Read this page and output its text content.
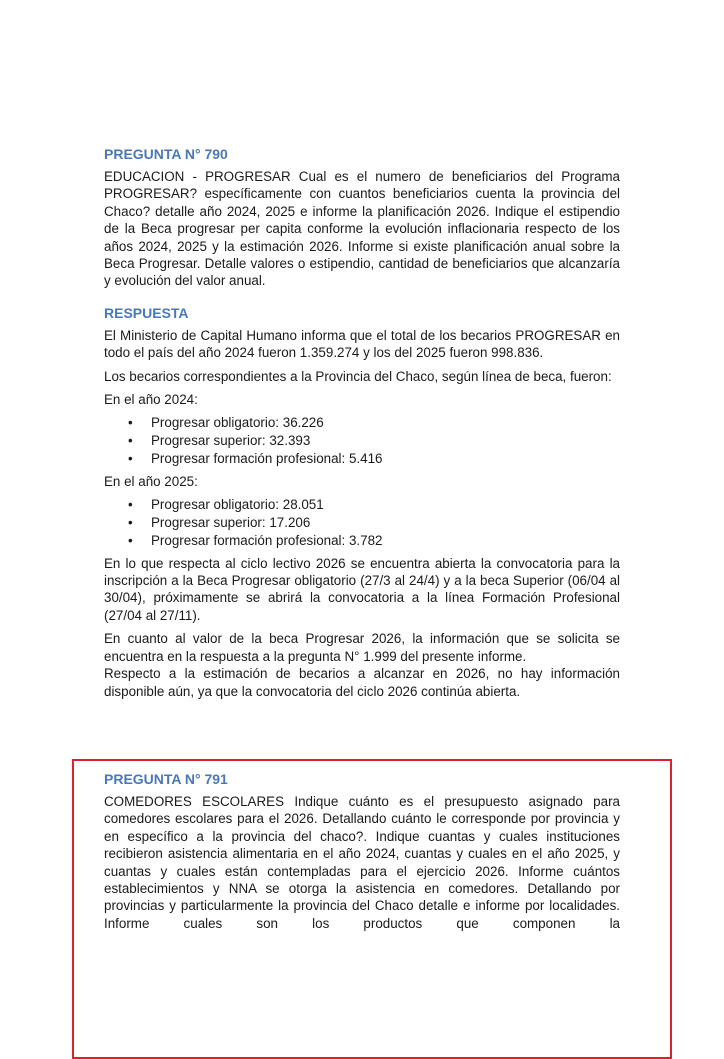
PREGUNTA N° 790

EDUCACION - PROGRESAR Cual es el numero de beneficiarios del Programa PROGRESAR? específicamente con cuantos beneficiarios cuenta la provincia del Chaco? detalle año 2024, 2025 e informe la planificación 2026. Indique el estipendio de la Beca progresar per capita conforme la evolución inflacionaria respecto de los años 2024, 2025 y la estimación 2026. Informe si existe planificación anual sobre la Beca Progresar. Detalle valores o estipendio, cantidad de beneficiarios que alcanzaría y evolución del valor anual.

RESPUESTA

El Ministerio de Capital Humano informa que el total de los becarios PROGRESAR en todo el país del año 2024 fueron 1.359.274 y los del 2025 fueron 998.836.

Los becarios correspondientes a la Provincia del Chaco, según línea de beca, fueron:

En el año 2024:

• Progresar obligatorio: 36.226
• Progresar superior: 32.393
• Progresar formación profesional: 5.416

En el año 2025:

• Progresar obligatorio: 28.051
• Progresar superior: 17.206
• Progresar formación profesional: 3.782

En lo que respecta al ciclo lectivo 2026 se encuentra abierta la convocatoria para la inscripción a la Beca Progresar obligatorio (27/3 al 24/4) y a la beca Superior (06/04 al 30/04), próximamente se abrirá la convocatoria a la línea Formación Profesional (27/04 al 27/11).

En cuanto al valor de la beca Progresar 2026, la información que se solicita se encuentra en la respuesta a la pregunta N° 1.999 del presente informe.

Respecto a la estimación de becarios a alcanzar en 2026, no hay información disponible aún, ya que la convocatoria del ciclo 2026 continúa abierta.

PREGUNTA N° 791

COMEDORES ESCOLARES Indique cuánto es el presupuesto asignado para comedores escolares para el 2026. Detallando cuánto le corresponde por provincia y en específico a la provincia del chaco?. Indique cuantas y cuales instituciones recibieron asistencia alimentaria en el año 2024, cuantas y cuales en el año 2025, y cuantas y cuales están contempladas para el ejercicio 2026. Informe cuántos establecimientos y NNA se otorga la asistencia en comedores. Detallando por provincias y particularmente la provincia del Chaco detalle e informe por localidades. Informe cuales son los productos que componen la
